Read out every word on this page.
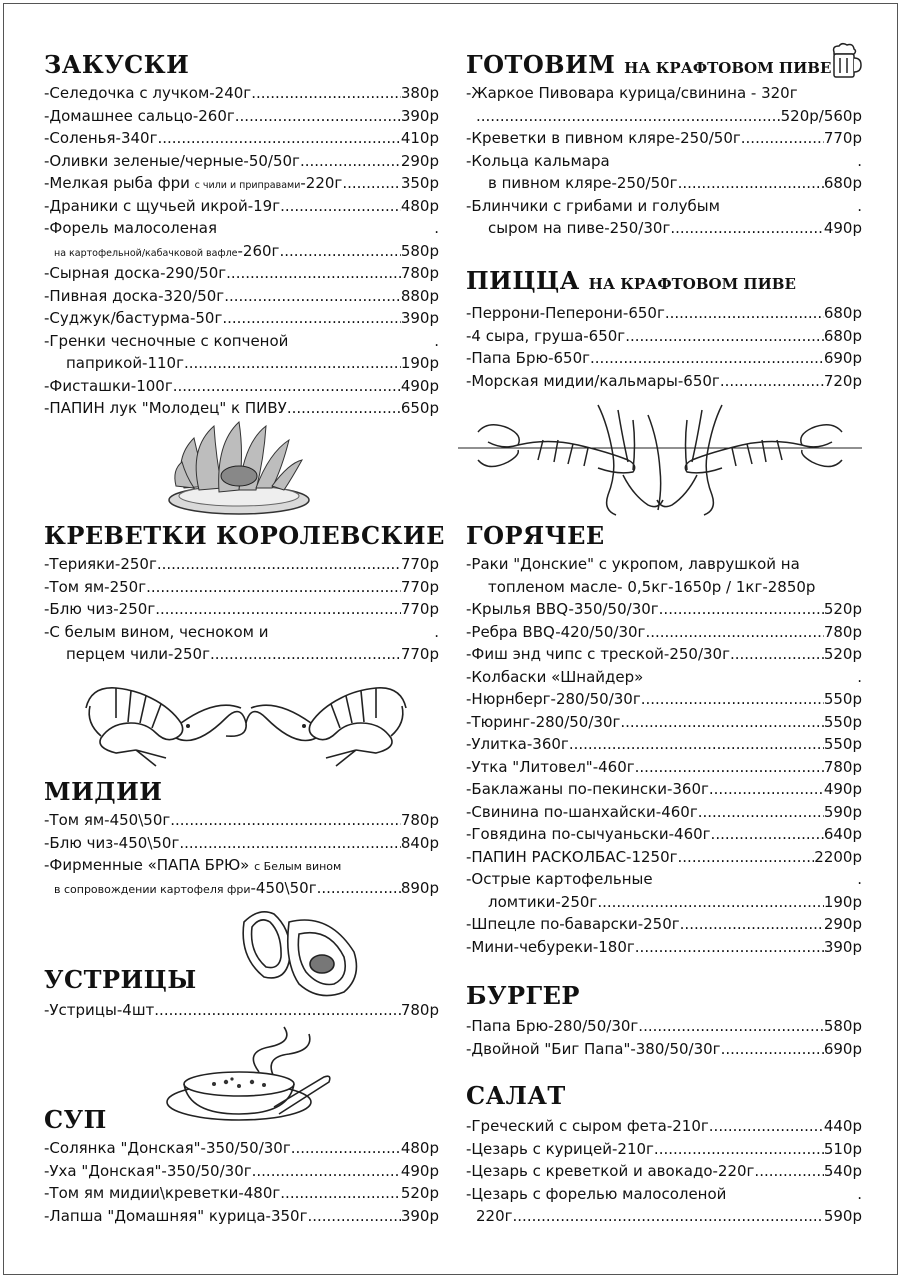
ЗАКУСКИ
-Селедочка с лучком-240г .....	380р
-Домашнее сальцо-260г .....	390р
-Соленья-340г .....	410р
-Оливки зеленые/черные-50/50г .....	290р
-Мелкая рыба фри с чили и приправами-220г .....	350р
-Драники с щучьей икрой-19г .....	480р
-Форель малосоленая	.
на картофельной/кабачковой вафле-260г .....	580р
-Сырная доска-290/50г .....	780р
-Пивная доска-320/50г .....	880р
-Суджук/бастурма-50г .....	390р
-Гренки чесночные с копченой	.
паприкой-110г .....	190р
-Фисташки-100г .....	490р
-ПАПИН лук "Молодец" к ПИВУ .....	650р
КРЕВЕТКИ КОРОЛЕВСКИЕ
-Терияки-250г .....	770р
-Том ям-250г .....	770р
-Блю чиз-250г .....	770р
-С белым вином, чесноком и	.
перцем чили-250г .....	770р
МИДИИ
-Том ям-450\50г .....	780р
-Блю чиз-450\50г .....	840р
-Фирменные «ПАПА БРЮ» с Белым вином
в сопровождении картофеля фри-450\50г .....	890р
УСТРИЦЫ
-Устрицы-4шт .....	780р
СУП
-Солянка "Донская"-350/50/30г .....	480р
-Уха "Донская"-350/50/30г .....	490р
-Том ям мидии\креветки-480г .....	520р
-Лапша "Домашняя" курица-350г .....	390р
ГОТОВИМ НА КРАФТОВОМ ПИВЕ
-Жаркое Пивовара курица/свинина - 320г
.....
520р/560р
-Креветки в пивном кляре-250/50г .....	770р
-Кольца кальмара	.
в пивном кляре-250/50г .....	680р
-Блинчики с грибами и голубым	.
сыром на пиве-250/30г .....	490р
ПИЦЦА НА КРАФТОВОМ ПИВЕ
-Перрони-Пеперони-650г .....	680р
-4 сыра, груша-650г .....	680р
-Папа Брю-650г .....	690р
-Морская мидии/кальмары-650г .....	720р
ГОРЯЧЕЕ
-Раки "Донские" с укропом, лаврушкой на
топленом масле- 0,5кг-1650р / 1кг-2850р
-Крылья BBQ-350/50/30г .....	520р
-Ребра BBQ-420/50/30г .....	780р
-Фиш энд чипс с треской-250/30г .....	520р
-Колбаски «Шнайдер»	.
-Нюрнберг-280/50/30г .....	550р
-Тюринг-280/50/30г .....	550р
-Улитка-360г .....	550р
-Утка "Литовел"-460г .....	780р
-Баклажаны по-пекински-360г .....	490р
-Свинина по-шанхайски-460г .....	590р
-Говядина по-сычуаньски-460г .....	640р
-ПАПИН РАСКОЛБАС-1250г .....	2200р
-Острые картофельные	.
ломтики-250г .....	190р
-Шпецле по-баварски-250г .....	290р
-Мини-чебуреки-180г .....	390р
БУРГЕР
-Папа Брю-280/50/30г .....	580р
-Двойной "Биг Папа"-380/50/30г .....	690р
САЛАТ
-Греческий с сыром фета-210г .....	440р
-Цезарь с курицей-210г .....	510р
-Цезарь с креветкой и авокадо-220г .....	540р
-Цезарь с форелью малосоленой	.
220г .....	590р
